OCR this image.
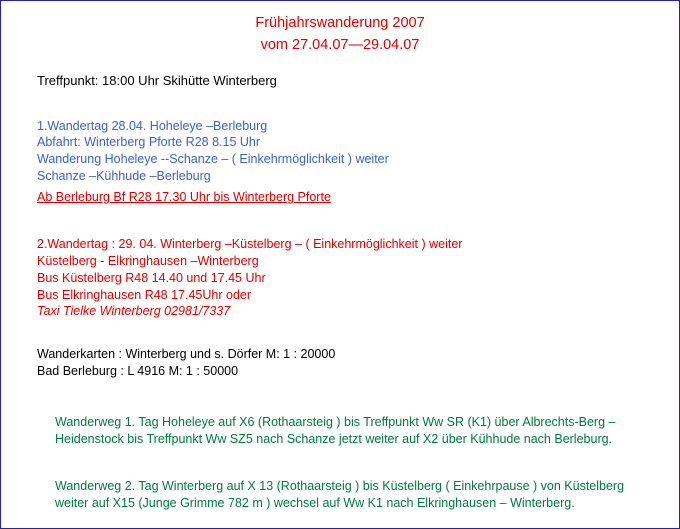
Frühjahrswanderung 2007
vom 27.04.07—29.04.07
Treffpunkt: 18:00 Uhr Skihütte Winterberg
1.Wandertag 28.04. Hoheleye –Berleburg
Abfahrt: Winterberg Pforte R28 8.15 Uhr
Wanderung Hoheleye --Schanze – ( Einkehrmöglichkeit ) weiter
Schanze –Kühhude –Berleburg
Ab Berleburg Bf R28 17.30 Uhr bis Winterberg Pforte
2.Wandertag : 29. 04. Winterberg –Küstelberg – ( Einkehrmöglichkeit ) weiter
Küstelberg - Elkringhausen –Winterberg
Bus Küstelberg R48 14.40 und 17.45 Uhr
Bus Elkringhausen R48 17.45Uhr oder
Taxi Tielke Winterberg 02981/7337
Wanderkarten : Winterberg und s. Dörfer M: 1 : 20000
Bad Berleburg : L 4916 M: 1 : 50000

Wanderweg 1. Tag Hoheleye auf X6 (Rothaarsteig ) bis Treffpunkt Ww SR (K1) über Albrechts-Berg – Heidenstock bis Treffpunkt Ww SZ5 nach Schanze jetzt weiter auf X2 über Kühhude nach Berleburg.

Wanderweg 2. Tag Winterberg auf X 13 (Rothaarsteig ) bis Küstelberg ( Einkehrpause ) von Küstelberg weiter auf X15 (Junge Grimme 782 m ) wechsel auf Ww K1 nach Elkringhausen – Winterberg.
